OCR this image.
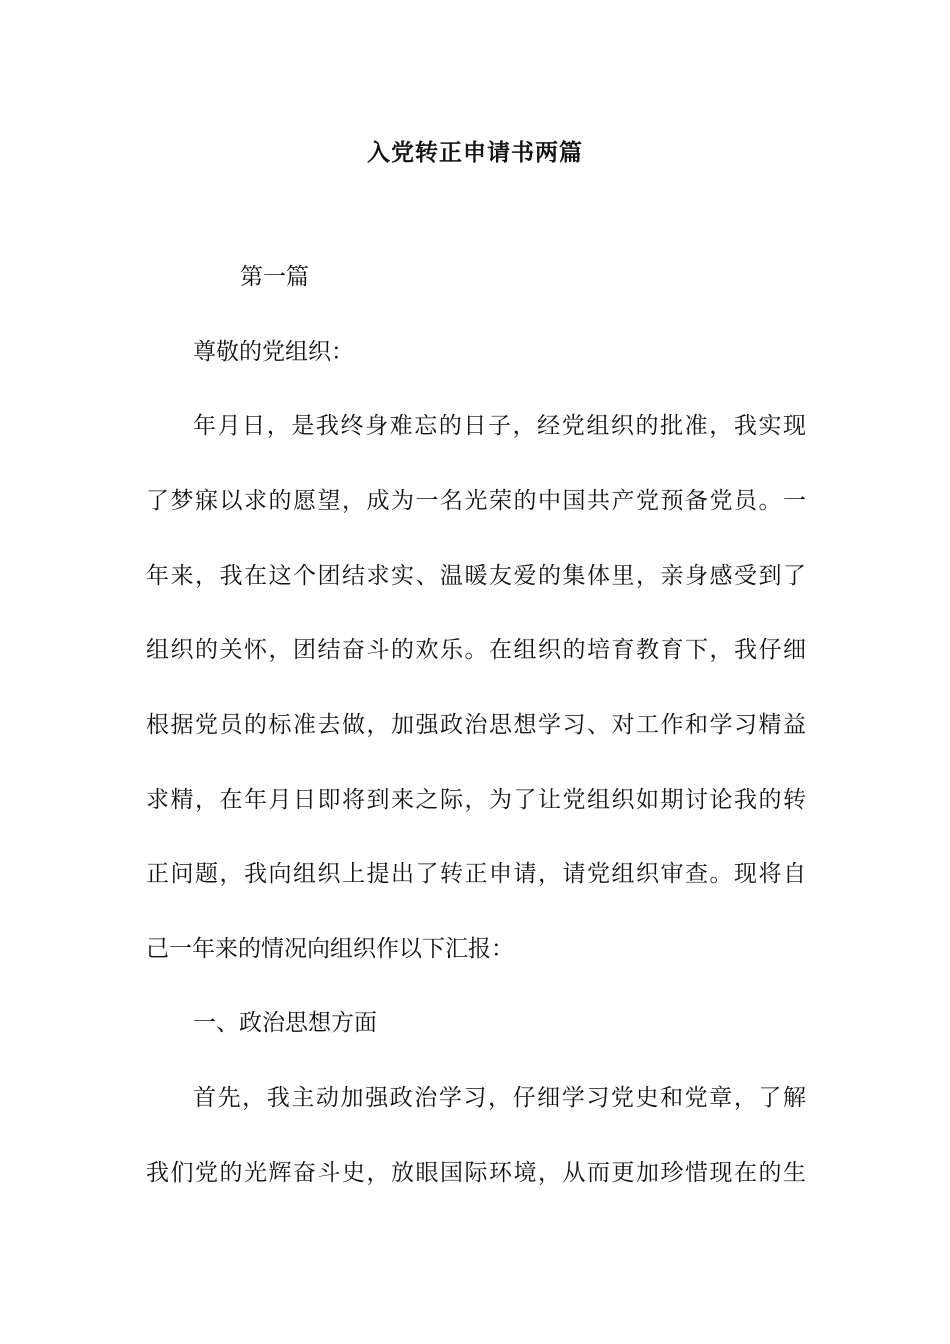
入党转正申请书两篇
第一篇
尊敬的党组织：
年月日，是我终身难忘的日子，经党组织的批准，我实现
了梦寐以求的愿望，成为一名光荣的中国共产党预备党员。一
年来，我在这个团结求实、温暖友爱的集体里，亲身感受到了
组织的关怀，团结奋斗的欢乐。在组织的培育教育下，我仔细
根据党员的标准去做，加强政治思想学习、对工作和学习精益
求精，在年月日即将到来之际，为了让党组织如期讨论我的转
正问题，我向组织上提出了转正申请，请党组织审查。现将自
己一年来的情况向组织作以下汇报：
一、政治思想方面
首先，我主动加强政治学习，仔细学习党史和党章，了解
我们党的光辉奋斗史，放眼国际环境，从而更加珍惜现在的生
